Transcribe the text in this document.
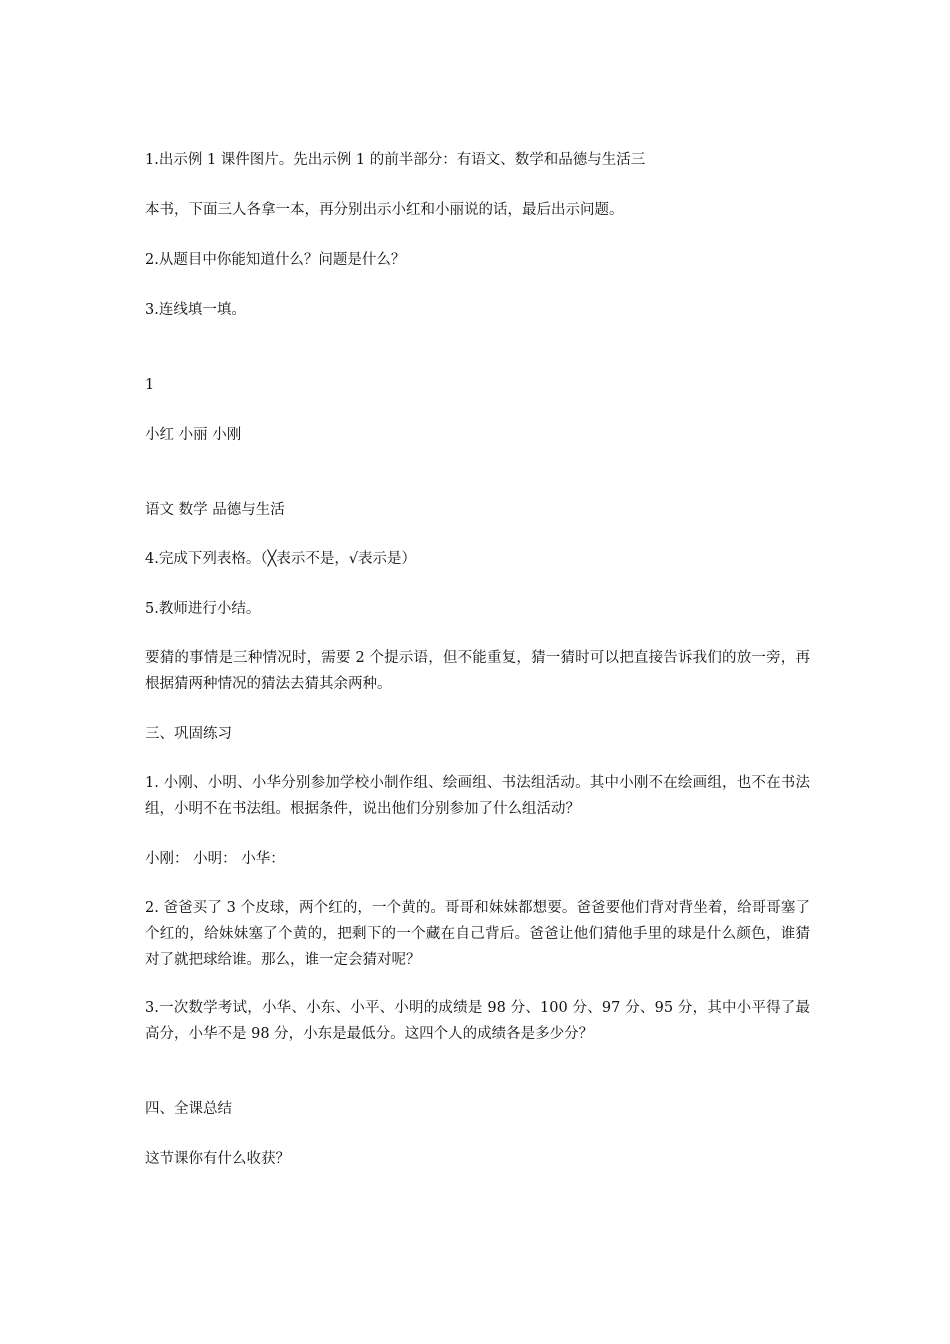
1.出示例 1 课件图片。先出示例 1 的前半部分：有语文、数学和品德与生活三

本书，下面三人各拿一本，再分别出示小红和小丽说的话，最后出示问题。

2.从题目中你能知道什么？问题是什么？

3.连线填一填。

1

小红 小丽 小刚

语文 数学 品德与生活

4.完成下列表格。（╳表示不是，√表示是）

5.教师进行小结。

要猜的事情是三种情况时，需要 2 个提示语，但不能重复，猜一猜时可以把直接告诉我们的放一旁，再根据猜两种情况的猜法去猜其余两种。

三、巩固练习

1. 小刚、小明、小华分别参加学校小制作组、绘画组、书法组活动。其中小刚不在绘画组，也不在书法组，小明不在书法组。根据条件，说出他们分别参加了什么组活动？

小刚： 小明： 小华：

2. 爸爸买了 3 个皮球，两个红的，一个黄的。哥哥和妹妹都想要。爸爸要他们背对背坐着，给哥哥塞了个红的，给妹妹塞了个黄的，把剩下的一个藏在自己背后。爸爸让他们猜他手里的球是什么颜色，谁猜对了就把球给谁。那么，谁一定会猜对呢？

3.一次数学考试，小华、小东、小平、小明的成绩是 98 分、100 分、97 分、95 分，其中小平得了最高分，小华不是 98 分，小东是最低分。这四个人的成绩各是多少分？

四、全课总结

这节课你有什么收获？
